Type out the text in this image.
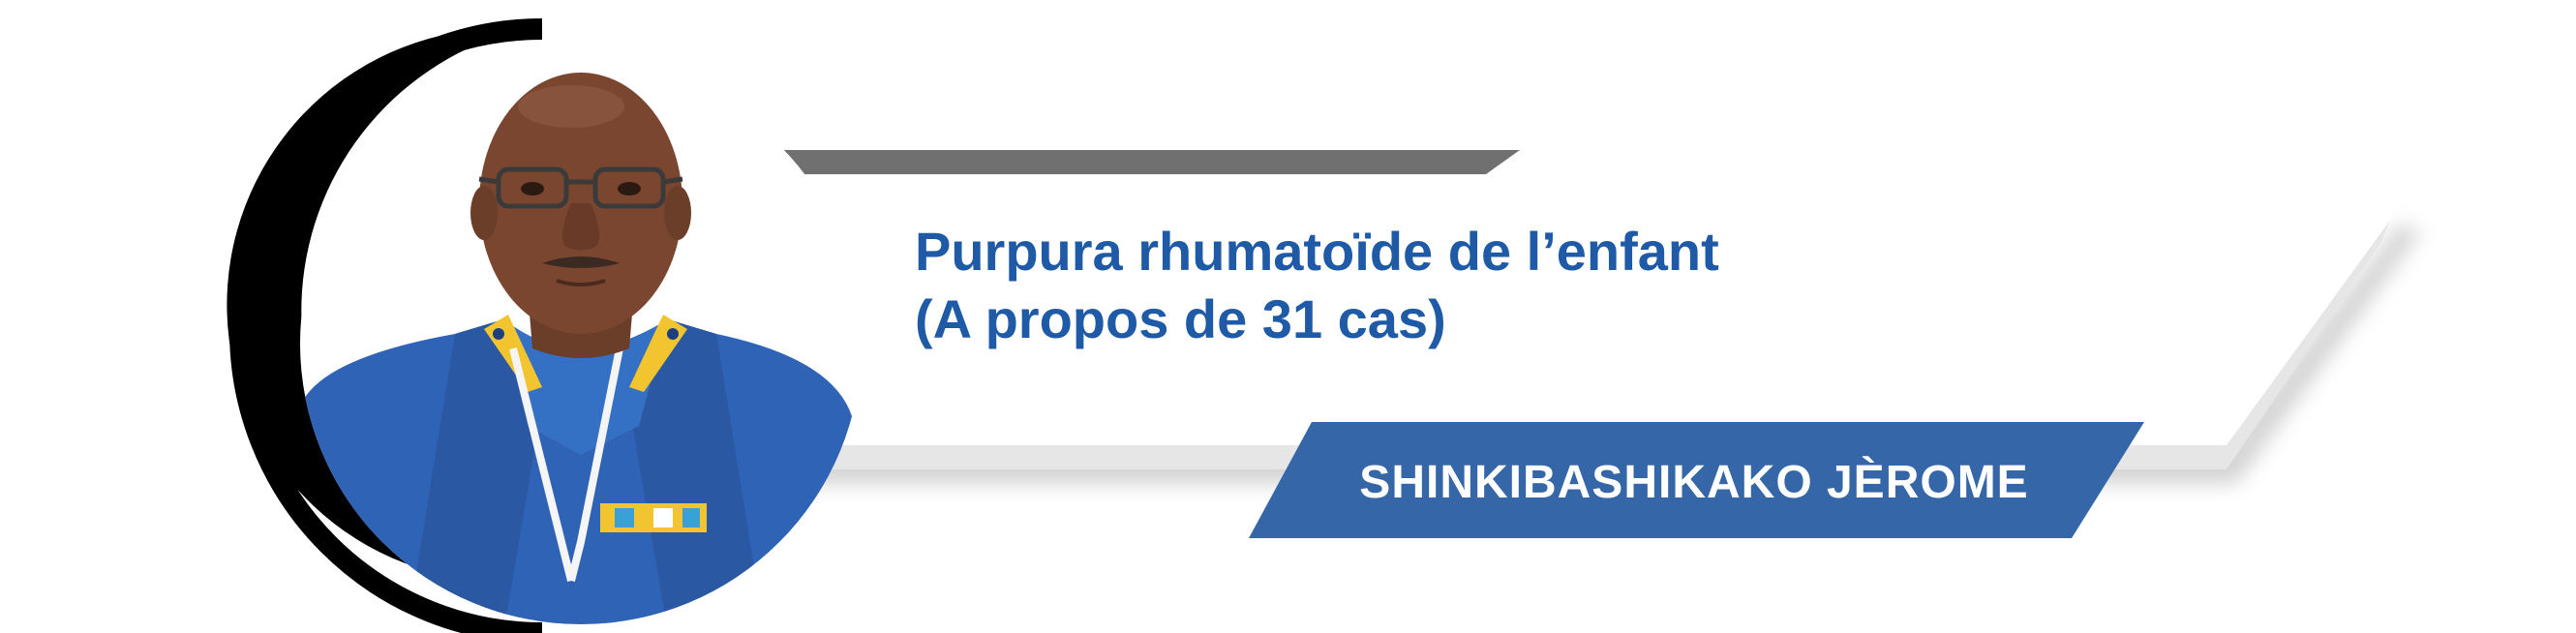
Purpura rhumatoïde de l’enfant
(A propos de 31 cas)
SHINKIBASHIKAKO JÈROME
